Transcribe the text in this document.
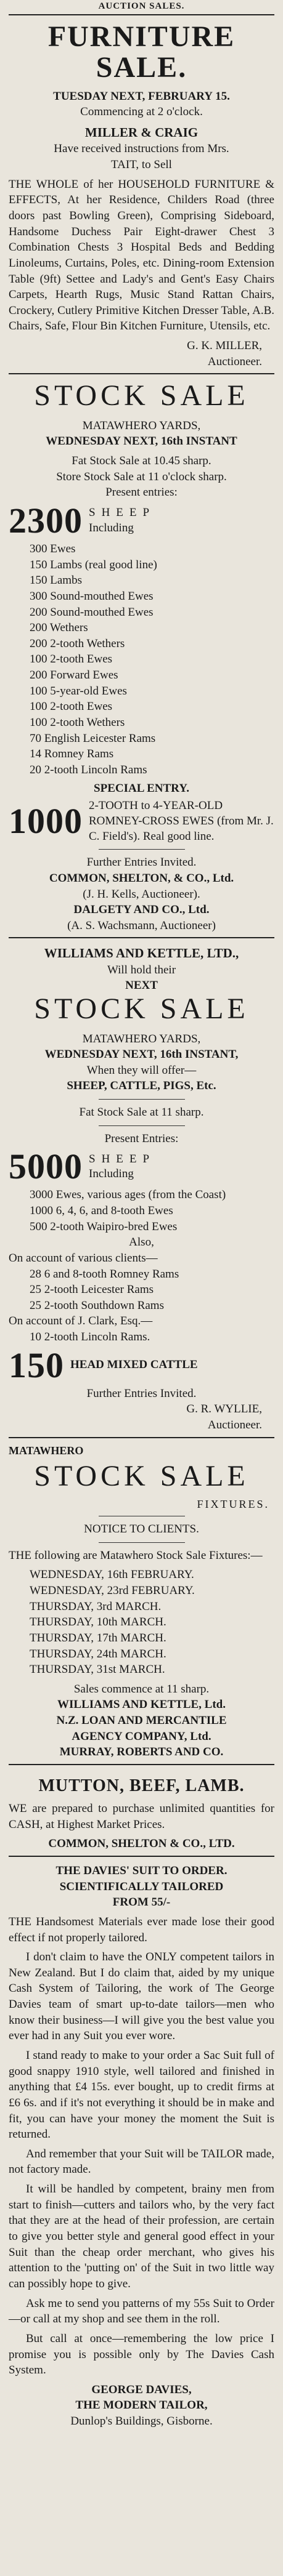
AUCTION SALES.
FURNITURE SALE.
TUESDAY NEXT, FEBRUARY 15.
Commencing at 2 o'clock.
MILLER & CRAIG
Have received instructions from Mrs.
TAIT, to Sell
THE WHOLE of her HOUSEHOLD FURNITURE & EFFECTS, At her Residence, Childers Road (three doors past Bowling Green), Comprising Sideboard, Handsome Duchess Pair Eight-drawer Chest 3 Combination Chests 3 Hospital Beds and Bedding Linoleums, Curtains, Poles, etc. Dining-room Extension Table (9ft) Settee and Lady's and Gent's Easy Chairs Carpets, Hearth Rugs, Music Stand Rattan Chairs, Crockery, Cutlery Primitive Kitchen Dresser Table, A.B. Chairs, Safe, Flour Bin Kitchen Furniture, Utensils, etc.
G. K. MILLER,
Auctioneer.
STOCK SALE
MATAWHERO YARDS,
WEDNESDAY NEXT, 16th INSTANT
Fat Stock Sale at 10.45 sharp.
Store Stock Sale at 11 o'clock sharp.
Present entries:
2300 SHEEP
Including
300 Ewes
150 Lambs (real good line)
150 Lambs
300 Sound-mouthed Ewes
200 Sound-mouthed Ewes
200 Wethers
200 2-tooth Wethers
100 2-tooth Ewes
200 Forward Ewes
100 5-year-old Ewes
100 2-tooth Ewes
100 2-tooth Wethers
70 English Leicester Rams
14 Romney Rams
20 2-tooth Lincoln Rams
SPECIAL ENTRY.
1000 2-TOOTH to 4-YEAR-OLD ROMNEY-CROSS EWES (from Mr. J. C. Field's). Real good line.
Further Entries Invited.
COMMON, SHELTON, & CO., Ltd.
(J. H. Kells, Auctioneer).
DALGETY AND CO., Ltd.
(A. S. Wachsmann, Auctioneer)
WILLIAMS AND KETTLE, LTD.,
Will hold their
NEXT
STOCK SALE
MATAWHERO YARDS,
WEDNESDAY NEXT, 16th INSTANT,
When they will offer—
SHEEP, CATTLE, PIGS, Etc.
Fat Stock Sale at 11 sharp.
Present Entries:
5000 SHEEP
Including
3000 Ewes, various ages (from the Coast)
1000 6, 4, 6, and 8-tooth Ewes
500 2-tooth Waipiro-bred Ewes
Also,
On account of various clients—
28 6 and 8-tooth Romney Rams
25 2-tooth Leicester Rams
25 2-tooth Southdown Rams
On account of J. Clark, Esq.—
10 2-tooth Lincoln Rams.
150 HEAD MIXED CATTLE
Further Entries Invited.
G. R. WYLLIE,
Auctioneer.
MATAWHERO
STOCK SALE
FIXTURES.
NOTICE TO CLIENTS.
THE following are Matawhero Stock Sale Fixtures:—
WEDNESDAY, 16th FEBRUARY.
WEDNESDAY, 23rd FEBRUARY.
THURSDAY, 3rd MARCH.
THURSDAY, 10th MARCH.
THURSDAY, 17th MARCH.
THURSDAY, 24th MARCH.
THURSDAY, 31st MARCH.
Sales commence at 11 sharp.
WILLIAMS AND KETTLE, Ltd.
N.Z. LOAN AND MERCANTILE
AGENCY COMPANY, Ltd.
MURRAY, ROBERTS AND CO.
MUTTON, BEEF, LAMB.
WE are prepared to purchase unlimited quantities for CASH, at Highest Market Prices.
COMMON, SHELTON & CO., LTD.
THE DAVIES' SUIT TO ORDER.
SCIENTIFICALLY TAILORED
FROM 55/-
THE Handsomest Materials ever made lose their good effect if not properly tailored.
I don't claim to have the ONLY competent tailors in New Zealand. But I do claim that, aided by my unique Cash System of Tailoring, the work of The George Davies team of smart up-to-date tailors—men who know their business—I will give you the best value you ever had in any Suit you ever wore.
I stand ready to make to your order a Sac Suit full of good snappy 1910 style, well tailored and finished in anything that £4 15s. ever bought, up to credit firms at £6 6s. and if it's not everything it should be in make and fit, you can have your money the moment the Suit is returned.
And remember that your Suit will be TAILOR made, not factory made.
It will be handled by competent, brainy men from start to finish—cutters and tailors who, by the very fact that they are at the head of their profession, are certain to give you better style and general good effect in your Suit than the cheap order merchant, who gives his attention to the 'putting on' of the Suit in two little way can possibly hope to give.
Ask me to send you patterns of my 55s Suit to Order—or call at my shop and see them in the roll.
But call at once—remembering the low price I promise you is possible only by The Davies Cash System.
GEORGE DAVIES,
THE MODERN TAILOR,
Dunlop's Buildings, Gisborne.
